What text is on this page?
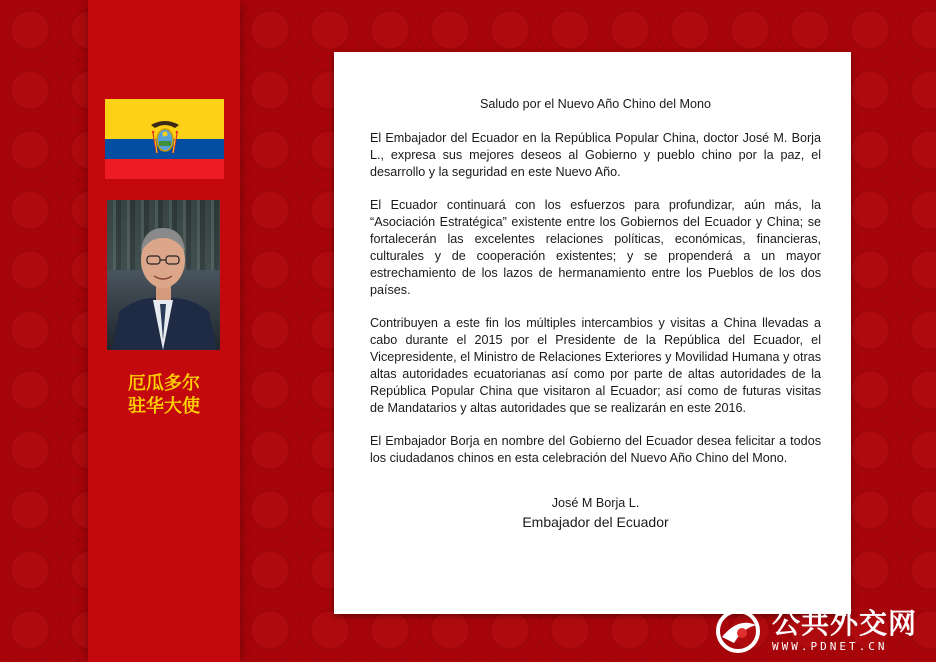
厄瓜多尔
驻华大使
Saludo por el Nuevo Año Chino del Mono

El Embajador del Ecuador en la República Popular China, doctor José M. Borja L., expresa sus mejores deseos al Gobierno y pueblo chino por la paz, el desarrollo y la seguridad en este Nuevo Año.

El Ecuador continuará con los esfuerzos para profundizar, aún más, la “Asociación Estratégica” existente entre los Gobiernos del Ecuador y China; se fortalecerán las excelentes relaciones políticas, económicas, financieras, culturales y de cooperación existentes; y se propenderá a un mayor estrechamiento de los lazos de hermanamiento entre los Pueblos de los dos países.

Contribuyen a este fin los múltiples intercambios y visitas a China llevadas a cabo durante el 2015 por el Presidente de la República del Ecuador, el Vicepresidente, el Ministro de Relaciones Exteriores y Movilidad Humana y otras altas autoridades ecuatorianas así como por parte de altas autoridades de la República Popular China que visitaron al Ecuador; así como de futuras visitas de Mandatarios y altas autoridades que se realizarán en este 2016.

El Embajador Borja en nombre del Gobierno del Ecuador desea felicitar a todos los ciudadanos chinos en esta celebración del Nuevo Año Chino del Mono.

José M Borja L.
Embajador del Ecuador
公共外交网
WWW.PDNET.CN
